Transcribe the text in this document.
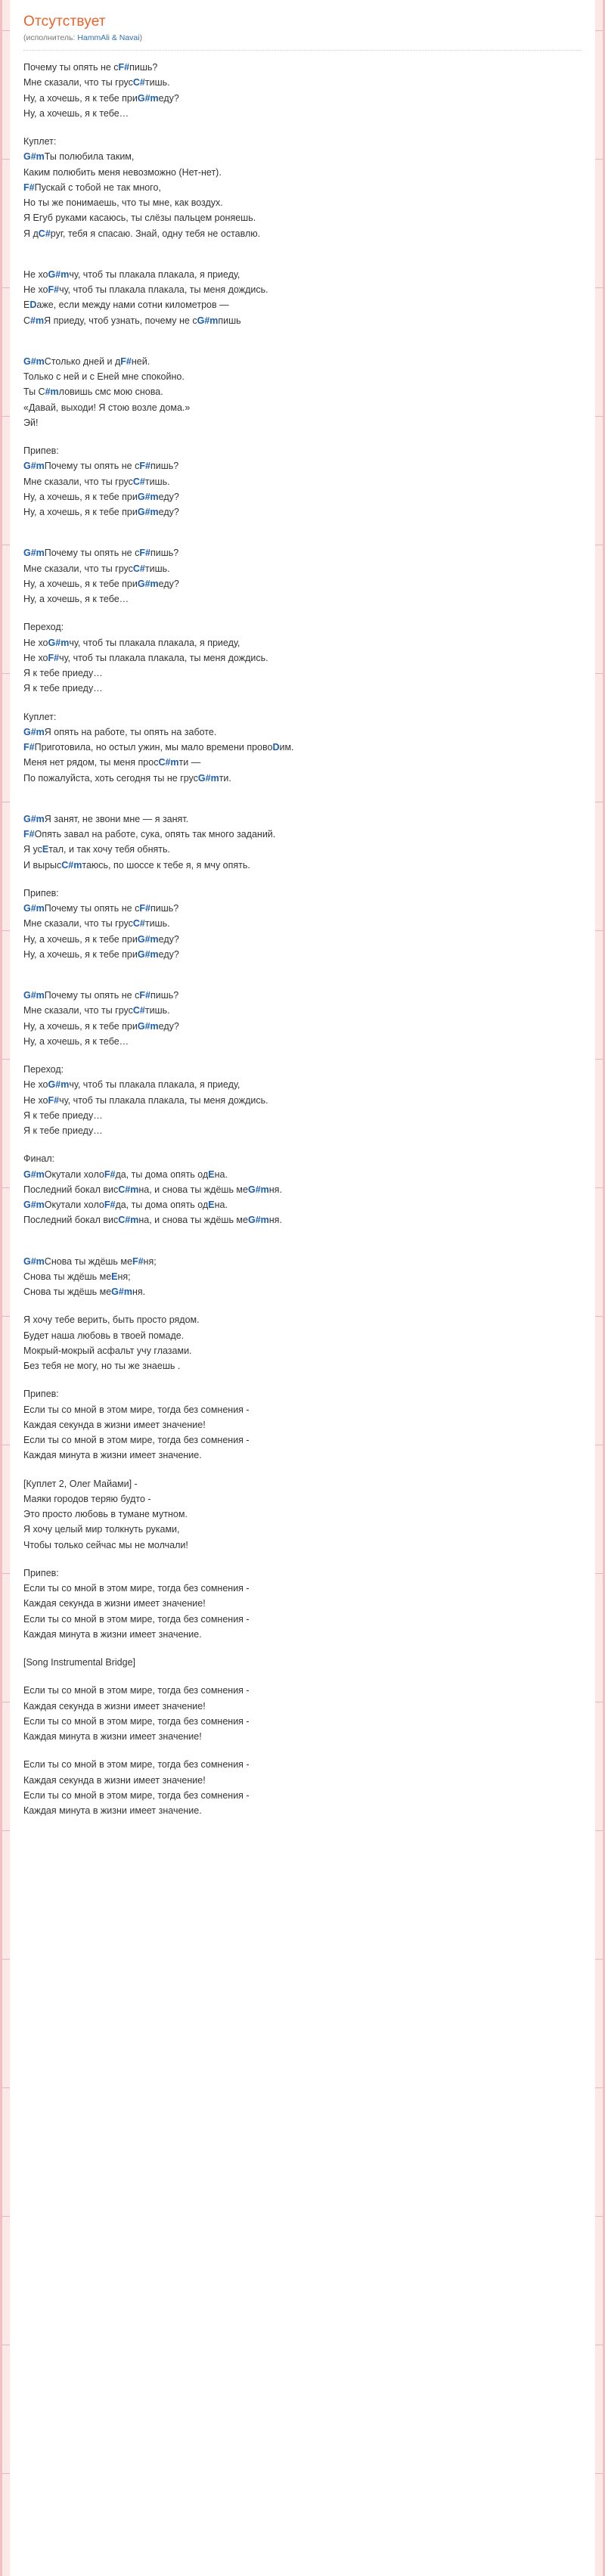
Отсутствует
(исполнитель: HammAli & Navai)
Почему ты опять не сF#пишь?
Мне сказали, что ты грусC#тишь.
Ну, а хочешь, я к тебе приG#mеду?
Ну, а хочешь, я к тебе…
Куплет:
G#mТы полюбила таким,
Каким полюбить меня невозможно (Нет-нет).
F#Пускай с тобой не так много,
Но ты же понимаешь, что ты мне, как воздух.
Я Егуб руками касаюсь, ты слёзы пальцем роняешь.
Я дC#руг, тебя я спасаю. Знай, одну тебя не оставлю.
Не хоG#mчу, чтоб ты плакала плакала, я приеду,
Не хоF#чу, чтоб ты плакала плакала, ты меня дождись.
ЕDаже, если между нами сотни километров —
С#mЯ приеду, чтоб узнать, почему не сG#mпишь
G#mСтолько дней и дF#ней.
Только с ней и с Еней мне спокойно.
Ты С#mловишь смс мою снова.
«Давай, выходи! Я стою возле дома.»
Эй!
Припев:
G#mПочему ты опять не сF#пишь?
Мне сказали, что ты грусC#тишь.
Ну, а хочешь, я к тебе приG#mеду?
Ну, а хочешь, я к тебе приG#mеду?
G#mПочему ты опять не сF#пишь?
Мне сказали, что ты грусC#тишь.
Ну, а хочешь, я к тебе приG#mеду?
Ну, а хочешь, я к тебе…
Переход:
Не хоG#mчу, чтоб ты плакала плакала, я приеду,
Не хоF#чу, чтоб ты плакала плакала, ты меня дождись.
Я к тебе приеду…
Я к тебе приеду…
Куплет:
G#mЯ опять на работе, ты опять на заботе.
F#Приготовила, но остыл ужин, мы мало времени провоDим.
Меня нет рядом, ты меня просC#mти —
По пожалуйста, хоть сегодня ты не грусG#mти.
G#mЯ занят, не звони мне — я занят.
F#Опять завал на работе, сука, опять так много заданий.
Я усEтал, и так хочу тебя обнять.
И вырысC#mтаюсь, по шоссе к тебе я, я мчу опять.
Припев:
G#mПочему ты опять не сF#пишь?
Мне сказали, что ты грусC#тишь.
Ну, а хочешь, я к тебе приG#mеду?
Ну, а хочешь, я к тебе приG#mеду?
G#mПочему ты опять не сF#пишь?
Мне сказали, что ты грусC#тишь.
Ну, а хочешь, я к тебе приG#mеду?
Ну, а хочешь, я к тебе…
Переход:
Не хоG#mчу, чтоб ты плакала плакала, я приеду,
Не хоF#чу, чтоб ты плакала плакала, ты меня дождись.
Я к тебе приеду…
Я к тебе приеду…
Финал:
G#mОкутали холоF#да, ты дома опять одEна.
Последний бокал висC#mна, и снова ты ждёшь меG#mня.
G#mОкутали холоF#да, ты дома опять одEна.
Последний бокал висC#mна, и снова ты ждёшь меG#mня.
G#mСнова ты ждёшь меF#ня;
Снова ты ждёшь меEня;
Снова ты ждёшь меG#mня.
Я хочу тебе верить, быть просто рядом.
Будет наша любовь в твоей помаде.
Мокрый-мокрый асфальт учу глазами.
Без тебя не могу, но ты же знаешь .
Припев:
Если ты со мной в этом мире, тогда без сомнения -
Каждая секунда в жизни имеет значение!
Если ты со мной в этом мире, тогда без сомнения -
Каждая минута в жизни имеет значение.
[Куплет 2, Олег Майами] -
Маяки городов теряю будто -
Это просто любовь в тумане мутном.
Я хочу целый мир толкнуть руками,
Чтобы только сейчас мы не молчали!
Припев:
Если ты со мной в этом мире, тогда без сомнения -
Каждая секунда в жизни имеет значение!
Если ты со мной в этом мире, тогда без сомнения -
Каждая минута в жизни имеет значение.
[Song Instrumental Bridge]
Если ты со мной в этом мире, тогда без сомнения -
Каждая секунда в жизни имеет значение!
Если ты со мной в этом мире, тогда без сомнения -
Каждая минута в жизни имеет значение!
Если ты со мной в этом мире, тогда без сомнения -
Каждая секунда в жизни имеет значение!
Если ты со мной в этом мире, тогда без сомнения -
Каждая минута в жизни имеет значение.
